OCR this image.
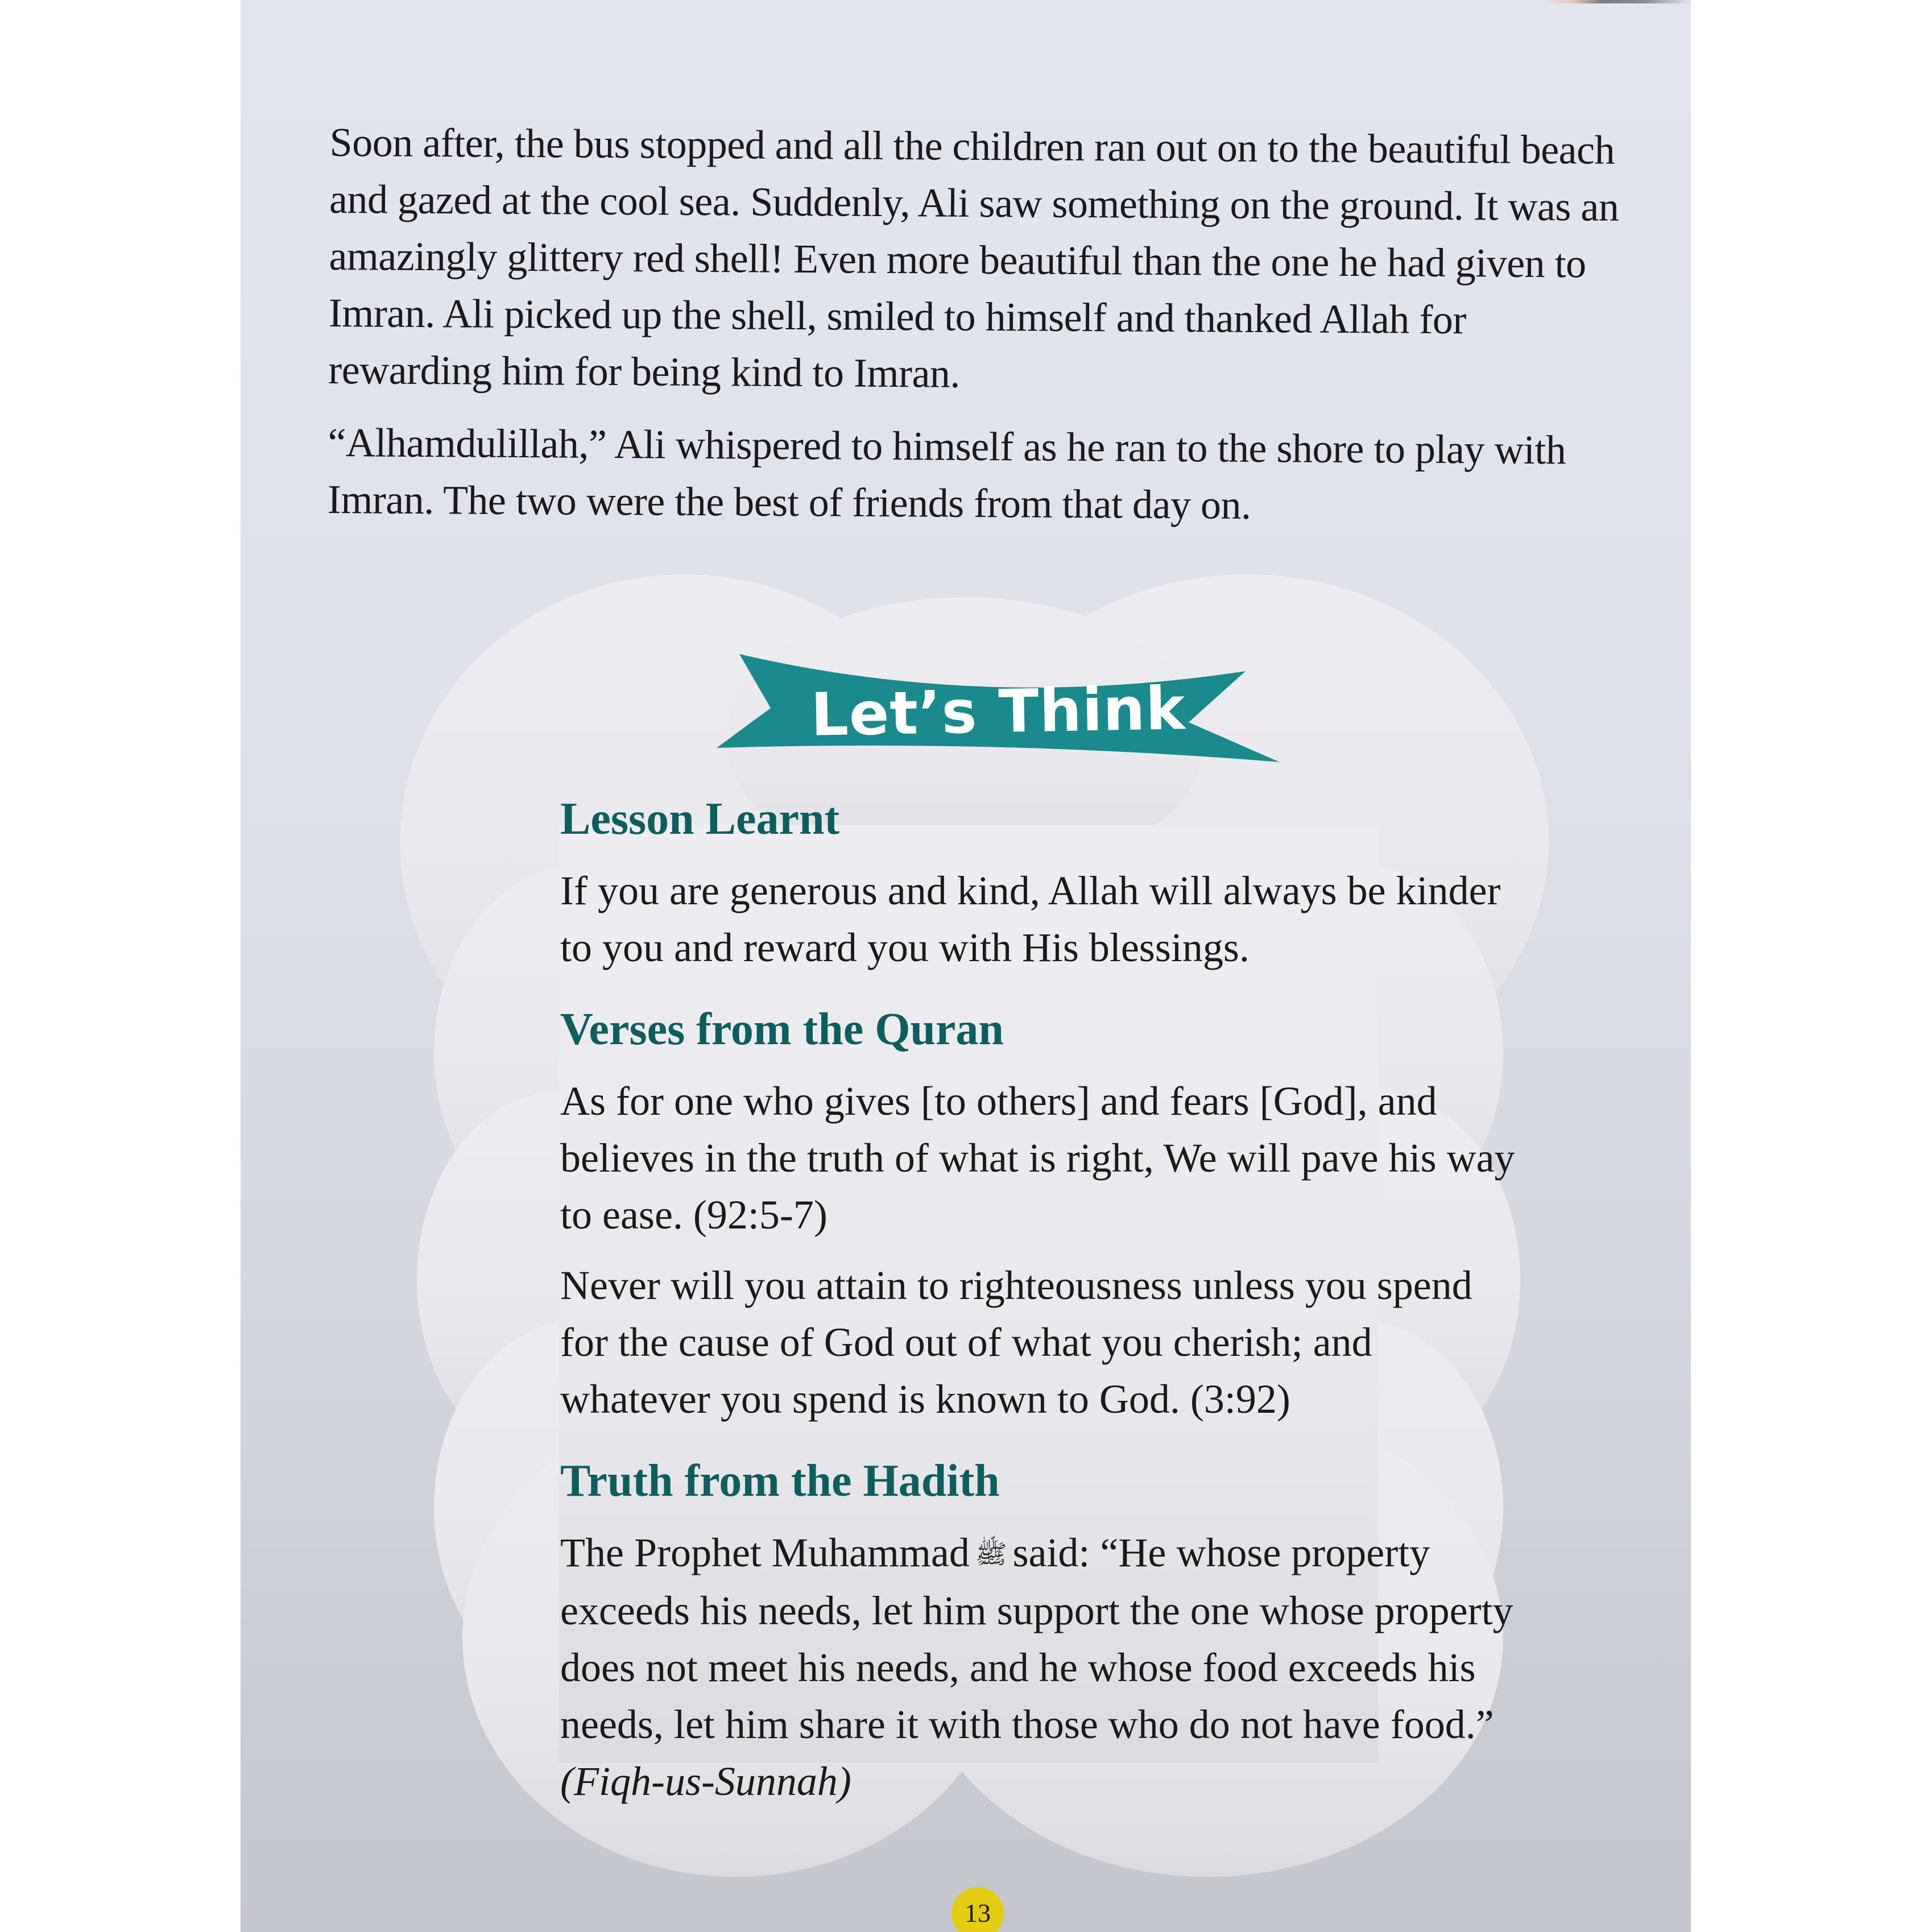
Soon after, the bus stopped and all the children ran out on to the beautiful beach and gazed at the cool sea. Suddenly, Ali saw something on the ground. It was an amazingly glittery red shell! Even more beautiful than the one he had given to Imran. Ali picked up the shell, smiled to himself and thanked Allah for rewarding him for being kind to Imran.

“Alhamdulillah,” Ali whispered to himself as he ran to the shore to play with Imran. The two were the best of friends from that day on.

Let’s Think
Lesson Learnt

If you are generous and kind, Allah will always be kinder to you and reward you with His blessings.

Verses from the Quran

As for one who gives [to others] and fears [God], and believes in the truth of what is right, We will pave his way to ease. (92:5-7)

Never will you attain to righteousness unless you spend for the cause of God out of what you cherish; and whatever you spend is known to God. (3:92)

Truth from the Hadith

The Prophet Muhammad ﷺ said: “He whose property exceeds his needs, let him support the one whose property does not meet his needs, and he whose food exceeds his needs, let him share it with those who do not have food.” (Fiqh-us-Sunnah)

13
